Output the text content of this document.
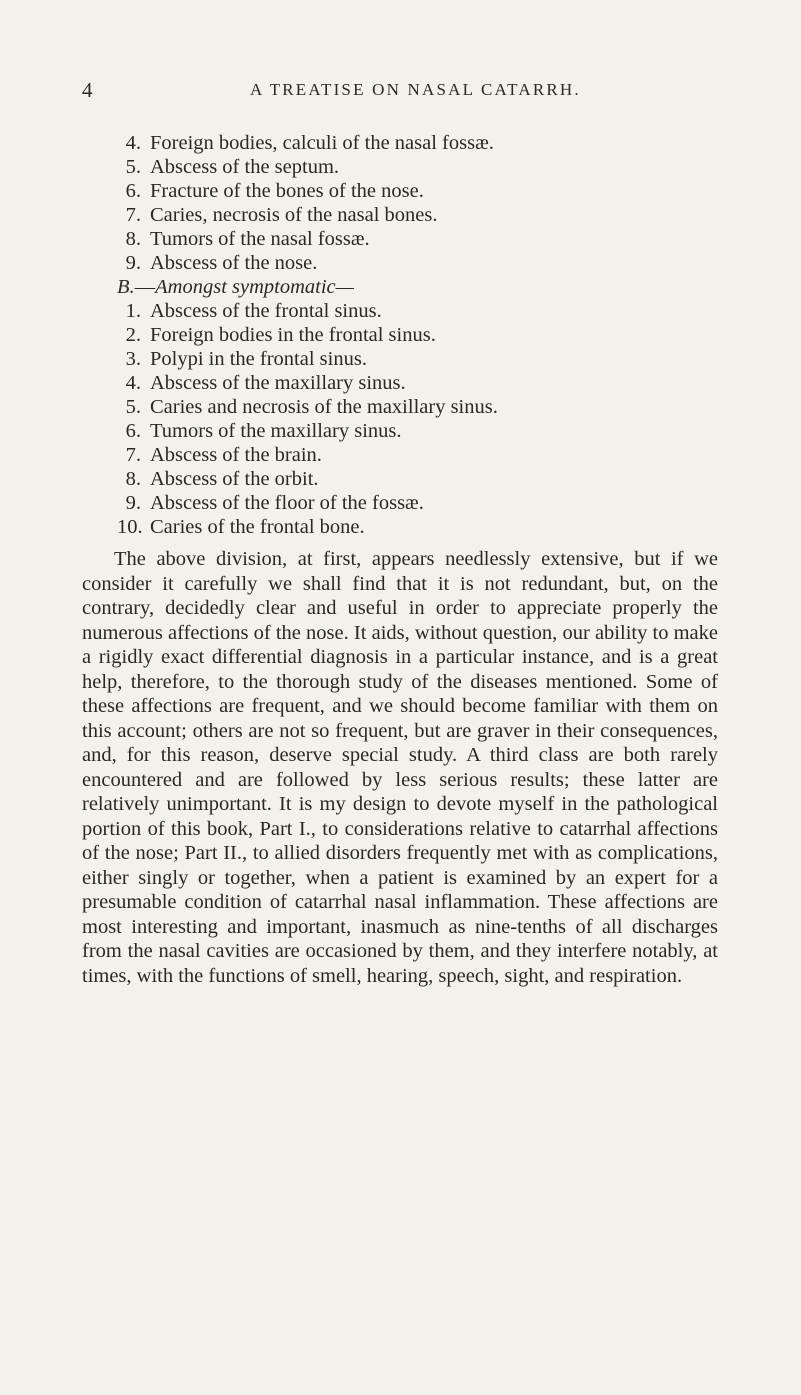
4	A TREATISE ON NASAL CATARRH.
4. Foreign bodies, calculi of the nasal fossæ.
5. Abscess of the septum.
6. Fracture of the bones of the nose.
7. Caries, necrosis of the nasal bones.
8. Tumors of the nasal fossæ.
9. Abscess of the nose.
B.—Amongst symptomatic—
1. Abscess of the frontal sinus.
2. Foreign bodies in the frontal sinus.
3. Polypi in the frontal sinus.
4. Abscess of the maxillary sinus.
5. Caries and necrosis of the maxillary sinus.
6. Tumors of the maxillary sinus.
7. Abscess of the brain.
8. Abscess of the orbit.
9. Abscess of the floor of the fossæ.
10. Caries of the frontal bone.

The above division, at first, appears needlessly extensive, but if we consider it carefully we shall find that it is not redundant, but, on the contrary, decidedly clear and useful in order to appreciate properly the numerous affections of the nose. It aids, without question, our ability to make a rigidly exact differential diagnosis in a particular instance, and is a great help, therefore, to the thorough study of the diseases mentioned. Some of these affections are frequent, and we should become familiar with them on this account; others are not so frequent, but are graver in their consequences, and, for this reason, deserve special study. A third class are both rarely encountered and are followed by less serious results; these latter are relatively unimportant. It is my design to devote myself in the pathological portion of this book, Part I., to considerations relative to catarrhal affections of the nose; Part II., to allied disorders frequently met with as complications, either singly or together, when a patient is examined by an expert for a presumable condition of catarrhal nasal inflammation. These affections are most interesting and important, inasmuch as nine-tenths of all discharges from the nasal cavities are occasioned by them, and they interfere notably, at times, with the functions of smell, hearing, speech, sight, and respiration.
